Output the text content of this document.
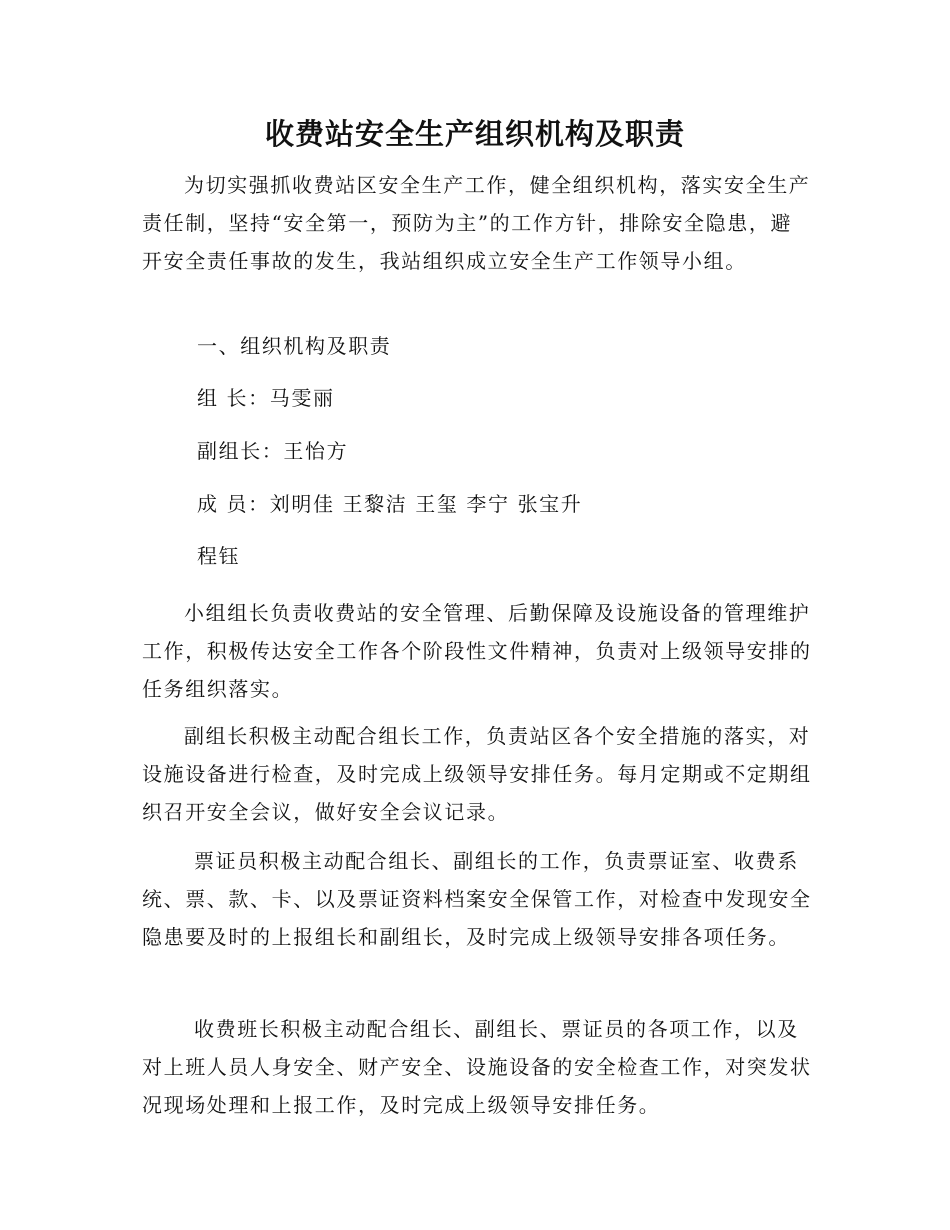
收费站安全生产组织机构及职责

为切实强抓收费站区安全生产工作，健全组织机构，落实安全生产责任制，坚持“安全第一，预防为主”的工作方针，排除安全隐患，避开安全责任事故的发生，我站组织成立安全生产工作领导小组。

一、组织机构及职责
组 长：马雯丽
副组长：王怡方
成 员：刘明佳 王黎洁 王玺 李宁 张宝升
程钰

小组组长负责收费站的安全管理、后勤保障及设施设备的管理维护工作，积极传达安全工作各个阶段性文件精神，负责对上级领导安排的任务组织落实。

副组长积极主动配合组长工作，负责站区各个安全措施的落实，对设施设备进行检查，及时完成上级领导安排任务。每月定期或不定期组织召开安全会议，做好安全会议记录。

票证员积极主动配合组长、副组长的工作，负责票证室、收费系统、票、款、卡、以及票证资料档案安全保管工作，对检查中发现安全隐患要及时的上报组长和副组长，及时完成上级领导安排各项任务。

收费班长积极主动配合组长、副组长、票证员的各项工作，以及对上班人员人身安全、财产安全、设施设备的安全检查工作，对突发状况现场处理和上报工作，及时完成上级领导安排任务。
